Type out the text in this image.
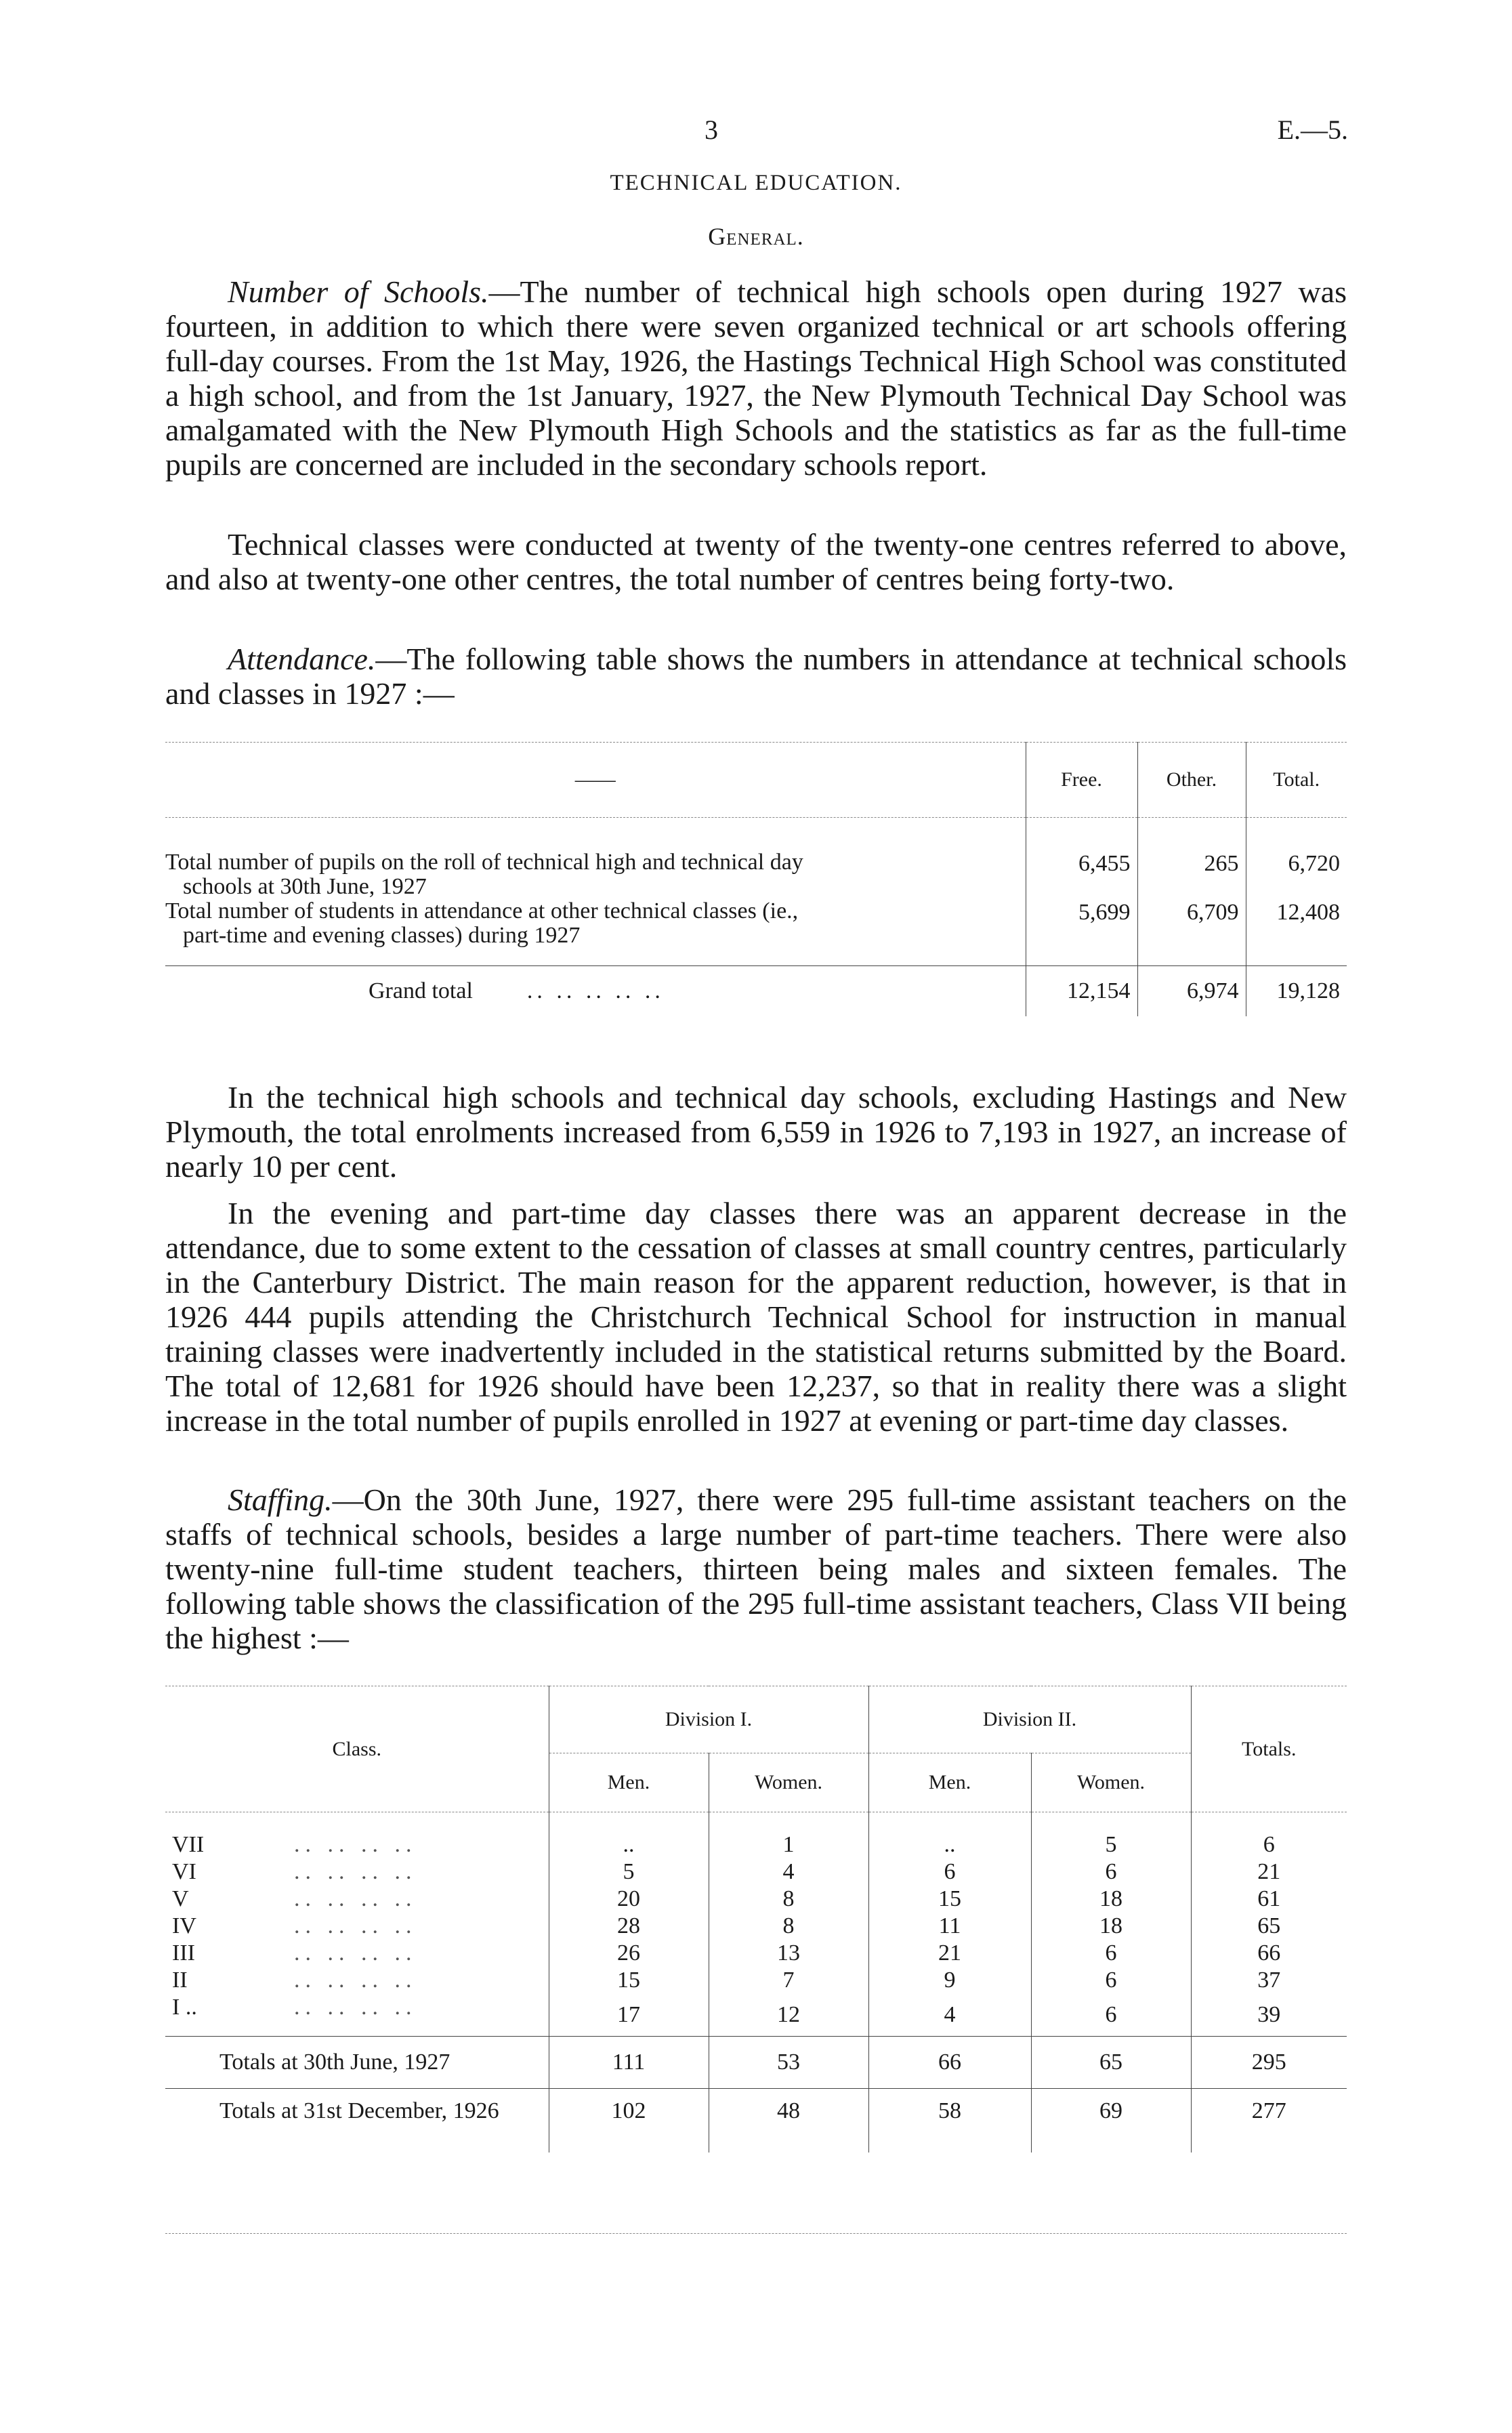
3	E.—5.
TECHNICAL EDUCATION.
General.

Number of Schools.—The number of technical high schools open during 1927 was fourteen, in addition to which there were seven organized technical or art schools offering full-day courses. From the 1st May, 1926, the Hastings Technical High School was constituted a high school, and from the 1st January, 1927, the New Plymouth Technical Day School was amalgamated with the New Plymouth High Schools and the statistics as far as the full-time pupils are concerned are included in the secondary schools report.

Technical classes were conducted at twenty of the twenty-one centres referred to above, and also at twenty-one other centres, the total number of centres being forty-two.

Attendance.—The following table shows the numbers in attendance at technical schools and classes in 1927 :—

——	Free.	Other.	Total.
Total number of pupils on the roll of technical high and technical day
schools at 30th June, 1927	6,455	265	6,720
Total number of students in attendance at other technical classes (ie.,
part-time and evening classes) during 1927	5,699	6,709	12,408
Grand total .. .. .. .. ..	12,154	6,974	19,128

In the technical high schools and technical day schools, excluding Hastings and New Plymouth, the total enrolments increased from 6,559 in 1926 to 7,193 in 1927, an increase of nearly 10 per cent.

In the evening and part-time day classes there was an apparent decrease in the attendance, due to some extent to the cessation of classes at small country centres, particularly in the Canterbury District. The main reason for the apparent reduction, however, is that in 1926 444 pupils attending the Christchurch Technical School for instruction in manual training classes were inadvertently included in the statistical returns submitted by the Board. The total of 12,681 for 1926 should have been 12,237, so that in reality there was a slight increase in the total number of pupils enrolled in 1927 at evening or part-time day classes.

Staffing.—On the 30th June, 1927, there were 295 full-time assistant teachers on the staffs of technical schools, besides a large number of part-time teachers. There were also twenty-nine full-time student teachers, thirteen being males and sixteen females. The following table shows the classification of the 295 full-time assistant teachers, Class VII being the highest :—

Class.	Division I.		Division II.		Totals.
	Men.	Women.	Men.	Women.	
VII .. .. .. ..	..	1	..	5	6
VI .. .. .. ..	5	4	6	6	21
V .. .. .. ..	20	8	15	18	61
IV .. .. .. ..	28	8	11	18	65
III .. .. .. ..	26	13	21	6	66
II .. .. .. ..	15	7	9	6	37
I .. .. .. .. ..	17	12	4	6	39
Totals at 30th June, 1927	111	53	66	65	295
Totals at 31st December, 1926	102	48	58	69	277
